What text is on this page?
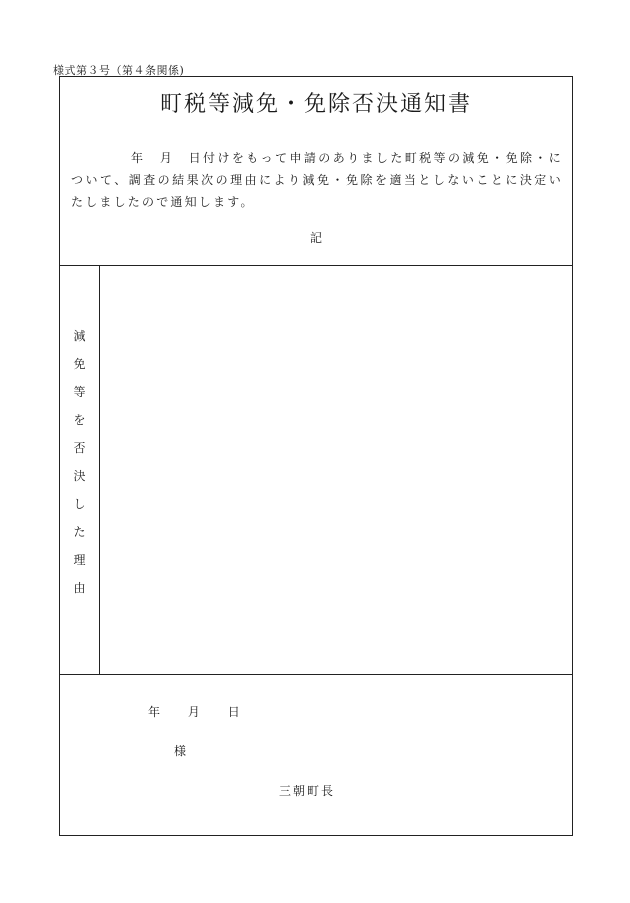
様式第３号（第４条関係)
町税等減免・免除否決通知書
年　月　日付けをもって申請のありました町税等の減免・免除・について、調査の結果次の理由により減免・免除を適当としないことに決定いたしましたので通知します。
記
減
免
等
を
否
決
し
た
理
由
年 月 日
様
三朝町長
